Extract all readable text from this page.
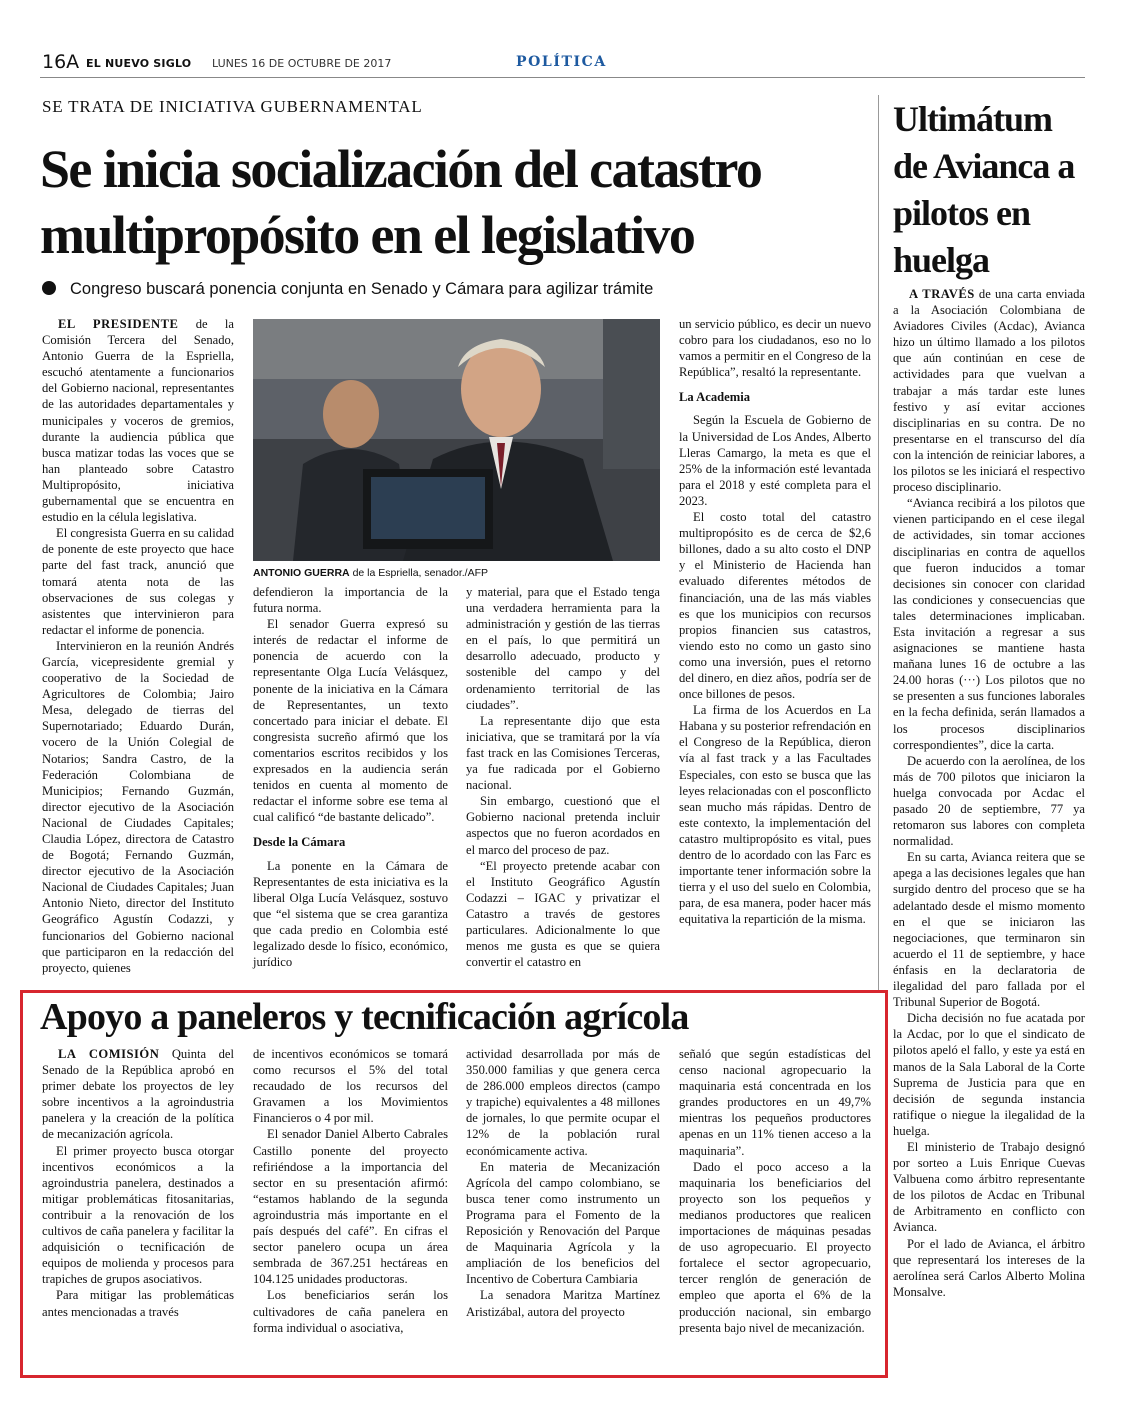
16A EL NUEVO SIGLO LUNES 16 DE OCTUBRE DE 2017	POLÍTICA
SE TRATA DE INICIATIVA GUBERNAMENTAL
Se inicia socialización del catastro multipropósito en el legislativo
Congreso buscará ponencia conjunta en Senado y Cámara para agilizar trámite

EL PRESIDENTE de la Comisión Tercera del Senado, Antonio Guerra de la Espriella, escuchó atentamente a funcionarios del Gobierno nacional, representantes de las autoridades departamentales y municipales y voceros de gremios, durante la audiencia pública que busca matizar todas las voces que se han planteado sobre Catastro Multipropósito, iniciativa gubernamental que se encuentra en estudio en la célula legislativa.

El congresista Guerra en su calidad de ponente de este proyecto que hace parte del fast track, anunció que tomará atenta nota de las observaciones de sus colegas y asistentes que intervinieron para redactar el informe de ponencia.

Intervinieron en la reunión Andrés García, vicepresidente gremial y cooperativo de la Sociedad de Agricultores de Colombia; Jairo Mesa, delegado de tierras del Supernotariado; Eduardo Durán, vocero de la Unión Colegial de Notarios; Sandra Castro, de la Federación Colombiana de Municipios; Fernando Guzmán, director ejecutivo de la Asociación Nacional de Ciudades Capitales; Claudia López, directora de Catastro de Bogotá; Fernando Guzmán, director ejecutivo de la Asociación Nacional de Ciudades Capitales; Juan Antonio Nieto, director del Instituto Geográfico Agustín Codazzi, y funcionarios del Gobierno nacional que participaron en la redacción del proyecto, quienes

ANTONIO GUERRA de la Espriella, senador./AFP

defendieron la importancia de la futura norma.

El senador Guerra expresó su interés de redactar el informe de ponencia de acuerdo con la representante Olga Lucía Velásquez, ponente de la iniciativa en la Cámara de Representantes, un texto concertado para iniciar el debate. El congresista sucreño afirmó que los comentarios escritos recibidos y los expresados en la audiencia serán tenidos en cuenta al momento de redactar el informe sobre ese tema al cual calificó “de bastante delicado”.

Desde la Cámara

La ponente en la Cámara de Representantes de esta iniciativa es la liberal Olga Lucía Velásquez, sostuvo que “el sistema que se crea garantiza que cada predio en Colombia esté legalizado desde lo físico, económico, jurídico

y material, para que el Estado tenga una verdadera herramienta para la administración y gestión de las tierras en el país, lo que permitirá un desarrollo adecuado, producto y sostenible del campo y del ordenamiento territorial de las ciudades”.

La representante dijo que esta iniciativa, que se tramitará por la vía fast track en las Comisiones Terceras, ya fue radicada por el Gobierno nacional.

Sin embargo, cuestionó que el Gobierno nacional pretenda incluir aspectos que no fueron acordados en el marco del proceso de paz.

“El proyecto pretende acabar con el Instituto Geográfico Agustín Codazzi – IGAC y privatizar el Catastro a través de gestores particulares. Adicionalmente lo que menos me gusta es que se quiera convertir el catastro en

un servicio público, es decir un nuevo cobro para los ciudadanos, eso no lo vamos a permitir en el Congreso de la República”, resaltó la representante.

La Academia

Según la Escuela de Gobierno de la Universidad de Los Andes, Alberto Lleras Camargo, la meta es que el 25% de la información esté levantada para el 2018 y esté completa para el 2023.

El costo total del catastro multipropósito es de cerca de $2,6 billones, dado a su alto costo el DNP y el Ministerio de Hacienda han evaluado diferentes métodos de financiación, una de las más viables es que los municipios con recursos propios financien sus catastros, viendo esto no como un gasto sino como una inversión, pues el retorno del dinero, en diez años, podría ser de once billones de pesos.

La firma de los Acuerdos en La Habana y su posterior refrendación en el Congreso de la República, dieron vía al fast track y a las Facultades Especiales, con esto se busca que las leyes relacionadas con el posconflicto sean mucho más rápidas. Dentro de este contexto, la implementación del catastro multipropósito es vital, pues dentro de lo acordado con las Farc es importante tener información sobre la tierra y el uso del suelo en Colombia, para, de esa manera, poder hacer más equitativa la repartición de la misma.

Ultimátum de Avianca a pilotos en huelga

A TRAVÉS de una carta enviada a la Asociación Colombiana de Aviadores Civiles (Acdac), Avianca hizo un último llamado a los pilotos que aún continúan en cese de actividades para que vuelvan a trabajar a más tardar este lunes festivo y así evitar acciones disciplinarias en su contra. De no presentarse en el transcurso del día con la intención de reiniciar labores, a los pilotos se les iniciará el respectivo proceso disciplinario.

“Avianca recibirá a los pilotos que vienen participando en el cese ilegal de actividades, sin tomar acciones disciplinarias en contra de aquellos que fueron inducidos a tomar decisiones sin conocer con claridad las condiciones y consecuencias que tales determinaciones implicaban. Esta invitación a regresar a sus asignaciones se mantiene hasta mañana lunes 16 de octubre a las 24.00 horas (···) Los pilotos que no se presenten a sus funciones laborales en la fecha definida, serán llamados a los procesos disciplinarios correspondientes”, dice la carta.

De acuerdo con la aerolínea, de los más de 700 pilotos que iniciaron la huelga convocada por Acdac el pasado 20 de septiembre, 77 ya retomaron sus labores con completa normalidad.

En su carta, Avianca reitera que se apega a las decisiones legales que han surgido dentro del proceso que se ha adelantado desde el mismo momento en el que se iniciaron las negociaciones, que terminaron sin acuerdo el 11 de septiembre, y hace énfasis en la declaratoria de ilegalidad del paro fallada por el Tribunal Superior de Bogotá.

Dicha decisión no fue acatada por la Acdac, por lo que el sindicato de pilotos apeló el fallo, y este ya está en manos de la Sala Laboral de la Corte Suprema de Justicia para que en decisión de segunda instancia ratifique o niegue la ilegalidad de la huelga.

El ministerio de Trabajo designó por sorteo a Luis Enrique Cuevas Valbuena como árbitro representante de los pilotos de Acdac en Tribunal de Arbitramento en conflicto con Avianca.

Por el lado de Avianca, el árbitro que representará los intereses de la aerolínea será Carlos Alberto Molina Monsalve.

Apoyo a paneleros y tecnificación agrícola

LA COMISIÓN Quinta del Senado de la República aprobó en primer debate los proyectos de ley sobre incentivos a la agroindustria panelera y la creación de la política de mecanización agrícola.

El primer proyecto busca otorgar incentivos económicos a la agroindustria panelera, destinados a mitigar problemáticas fitosanitarias, contribuir a la renovación de los cultivos de caña panelera y facilitar la adquisición o tecnificación de equipos de molienda y procesos para trapiches de grupos asociativos.

Para mitigar las problemáticas antes mencionadas a través

de incentivos económicos se tomará como recursos el 5% del total recaudado de los recursos del Gravamen a los Movimientos Financieros o 4 por mil.

El senador Daniel Alberto Cabrales Castillo ponente del proyecto refiriéndose a la importancia del sector en su presentación afirmó: “estamos hablando de la segunda agroindustria más importante en el país después del café”. En cifras el sector panelero ocupa un área sembrada de 367.251 hectáreas en 104.125 unidades productoras.

Los beneficiarios serán los cultivadores de caña panelera en forma individual o asociativa,

actividad desarrollada por más de 350.000 familias y que genera cerca de 286.000 empleos directos (campo y trapiche) equivalentes a 48 millones de jornales, lo que permite ocupar el 12% de la población rural económicamente activa.

En materia de Mecanización Agrícola del campo colombiano, se busca tener como instrumento un Programa para el Fomento de la Reposición y Renovación del Parque de Maquinaria Agrícola y la ampliación de los beneficios del Incentivo de Cobertura Cambiaria

La senadora Maritza Martínez Aristizábal, autora del proyecto

señaló que según estadísticas del censo nacional agropecuario la maquinaria está concentrada en los grandes productores en un 49,7% mientras los pequeños productores apenas en un 11% tienen acceso a la maquinaria”.

Dado el poco acceso a la maquinaria los beneficiarios del proyecto son los pequeños y medianos productores que realicen importaciones de máquinas pesadas de uso agropecuario. El proyecto fortalece el sector agropecuario, tercer renglón de generación de empleo que aporta el 6% de la producción nacional, sin embargo presenta bajo nivel de mecanización.
